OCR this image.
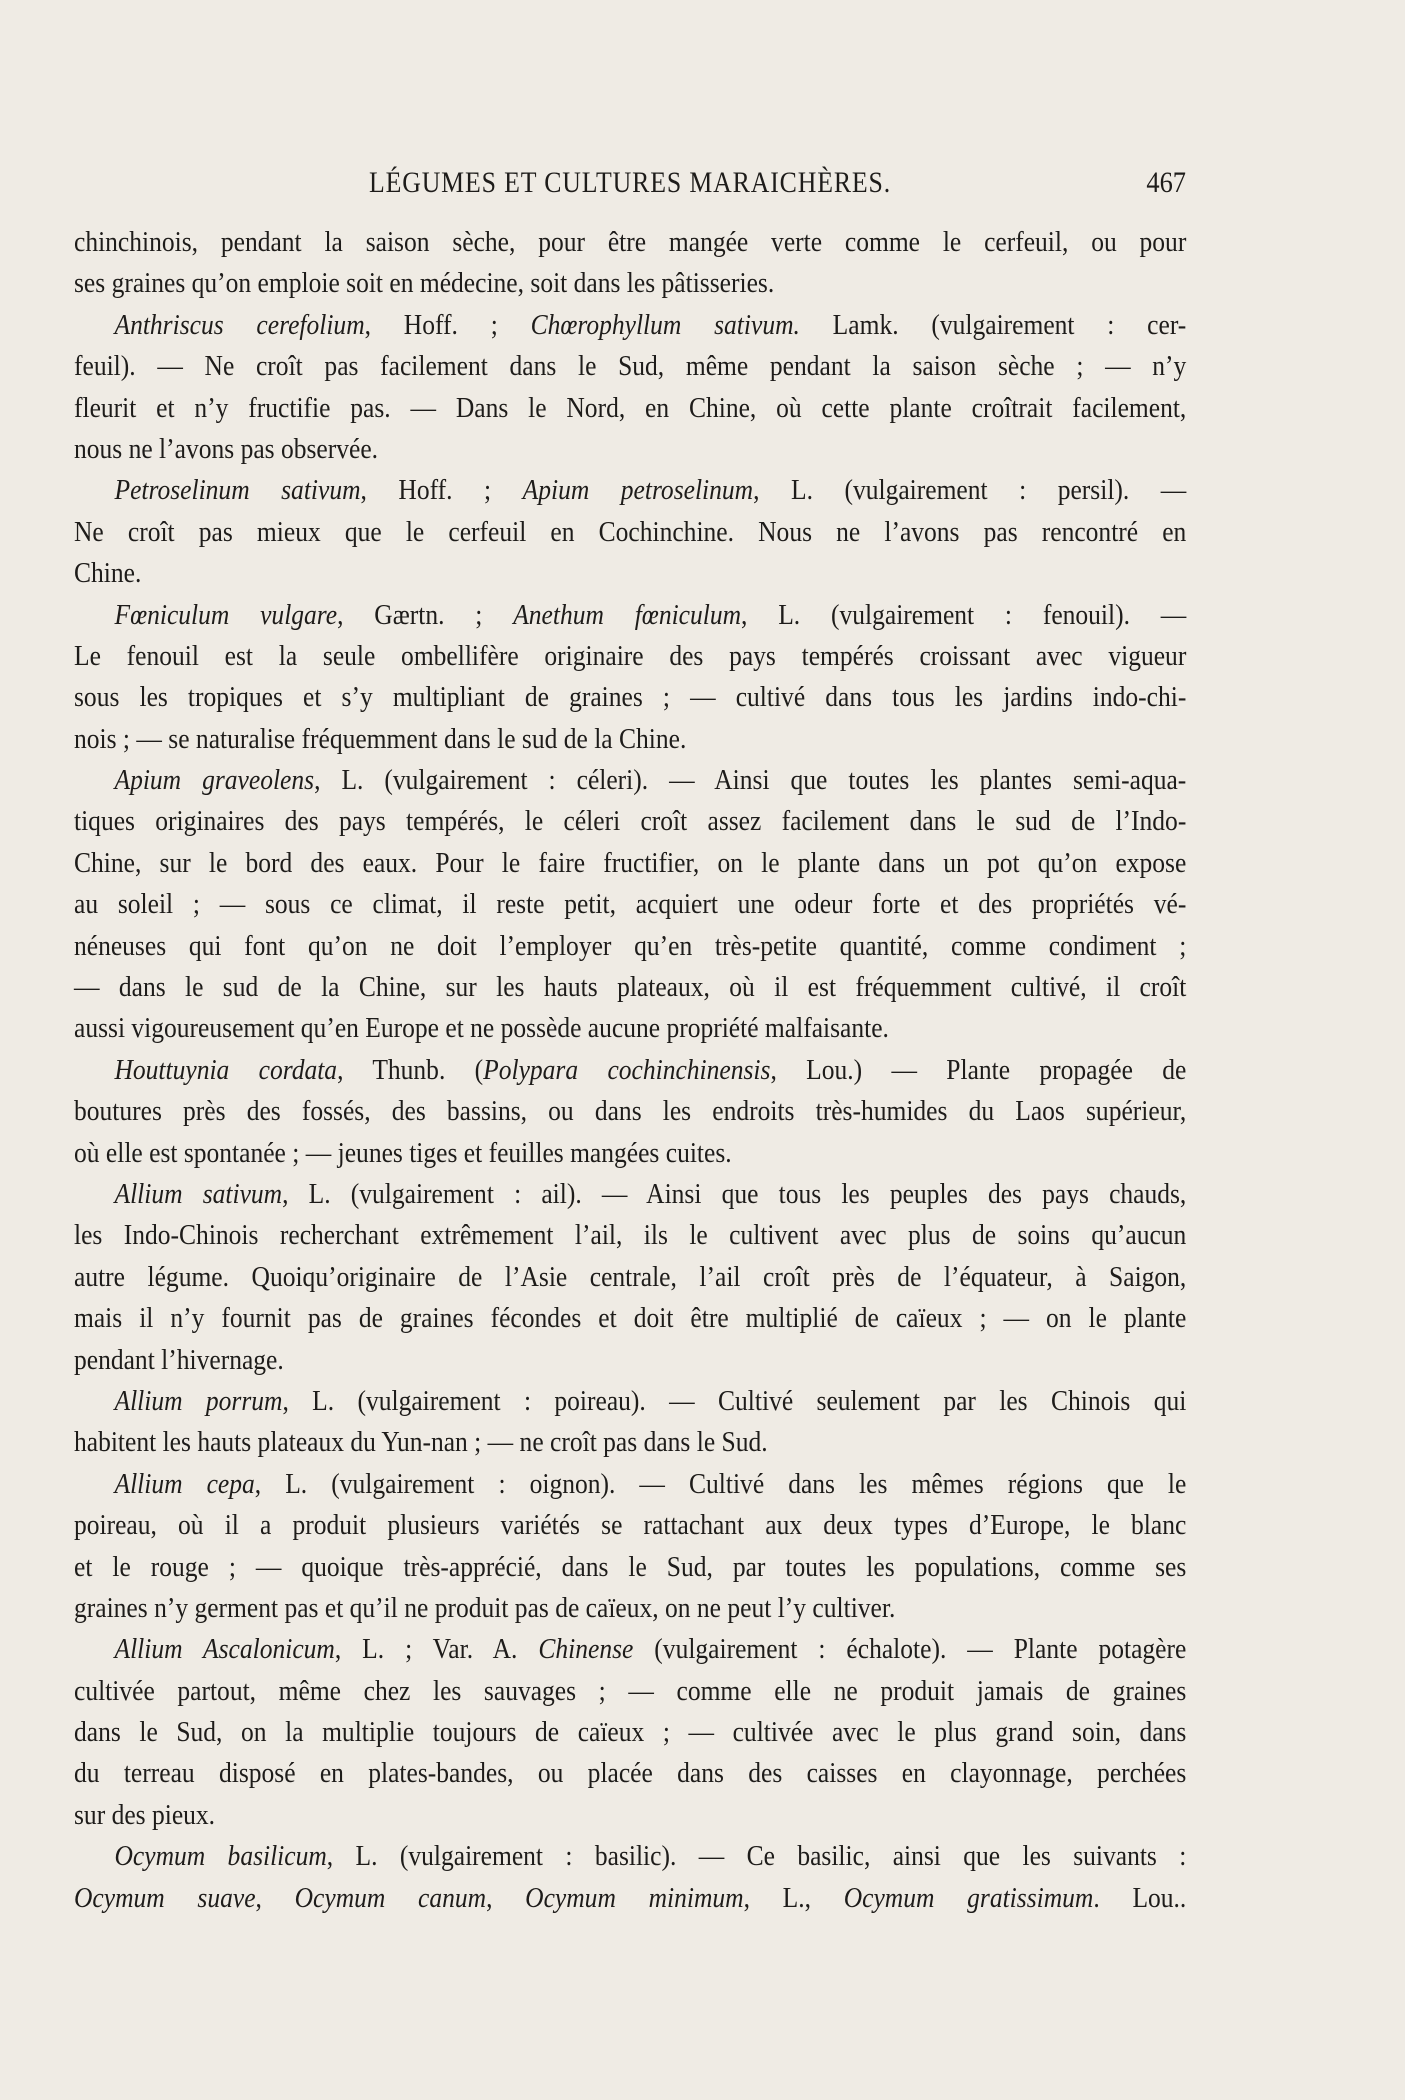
LÉGUMES ET CULTURES MARAICHÈRES.	467
chinchinois, pendant la saison sèche, pour être mangée verte comme le cerfeuil, ou pour
ses graines qu’on emploie soit en médecine, soit dans les pâtisseries.
Anthriscus cerefolium, Hoff. ; Chœrophyllum sativum. Lamk. (vulgairement : cer-
feuil). — Ne croît pas facilement dans le Sud, même pendant la saison sèche ; — n’y
fleurit et n’y fructifie pas. — Dans le Nord, en Chine, où cette plante croîtrait facilement,
nous ne l’avons pas observée.
Petroselinum sativum, Hoff. ; Apium petroselinum, L. (vulgairement : persil). —
Ne croît pas mieux que le cerfeuil en Cochinchine. Nous ne l’avons pas rencontré en
Chine.
Fœniculum vulgare, Gærtn. ; Anethum fœniculum, L. (vulgairement : fenouil). —
Le fenouil est la seule ombellifère originaire des pays tempérés croissant avec vigueur
sous les tropiques et s’y multipliant de graines ; — cultivé dans tous les jardins indo-chi-
nois ; — se naturalise fréquemment dans le sud de la Chine.
Apium graveolens, L. (vulgairement : céleri). — Ainsi que toutes les plantes semi-aqua-
tiques originaires des pays tempérés, le céleri croît assez facilement dans le sud de l’Indo-
Chine, sur le bord des eaux. Pour le faire fructifier, on le plante dans un pot qu’on expose
au soleil ; — sous ce climat, il reste petit, acquiert une odeur forte et des propriétés vé-
néneuses qui font qu’on ne doit l’employer qu’en très-petite quantité, comme condiment ;
— dans le sud de la Chine, sur les hauts plateaux, où il est fréquemment cultivé, il croît
aussi vigoureusement qu’en Europe et ne possède aucune propriété malfaisante.
Houttuynia cordata, Thunb. (Polypara cochinchinensis, Lou.) — Plante propagée de
boutures près des fossés, des bassins, ou dans les endroits très-humides du Laos supérieur,
où elle est spontanée ; — jeunes tiges et feuilles mangées cuites.
Allium sativum, L. (vulgairement : ail). — Ainsi que tous les peuples des pays chauds,
les Indo-Chinois recherchant extrêmement l’ail, ils le cultivent avec plus de soins qu’aucun
autre légume. Quoiqu’originaire de l’Asie centrale, l’ail croît près de l’équateur, à Saigon,
mais il n’y fournit pas de graines fécondes et doit être multiplié de caïeux ; — on le plante
pendant l’hivernage.
Allium porrum, L. (vulgairement : poireau). — Cultivé seulement par les Chinois qui
habitent les hauts plateaux du Yun-nan ; — ne croît pas dans le Sud.
Allium cepa, L. (vulgairement : oignon). — Cultivé dans les mêmes régions que le
poireau, où il a produit plusieurs variétés se rattachant aux deux types d’Europe, le blanc
et le rouge ; — quoique très-apprécié, dans le Sud, par toutes les populations, comme ses
graines n’y germent pas et qu’il ne produit pas de caïeux, on ne peut l’y cultiver.
Allium Ascalonicum, L. ; Var. A. Chinense (vulgairement : échalote). — Plante potagère
cultivée partout, même chez les sauvages ; — comme elle ne produit jamais de graines
dans le Sud, on la multiplie toujours de caïeux ; — cultivée avec le plus grand soin, dans
du terreau disposé en plates-bandes, ou placée dans des caisses en clayonnage, perchées
sur des pieux.
Ocymum basilicum, L. (vulgairement : basilic). — Ce basilic, ainsi que les suivants :
Ocymum suave, Ocymum canum, Ocymum minimum, L., Ocymum gratissimum. Lou..
